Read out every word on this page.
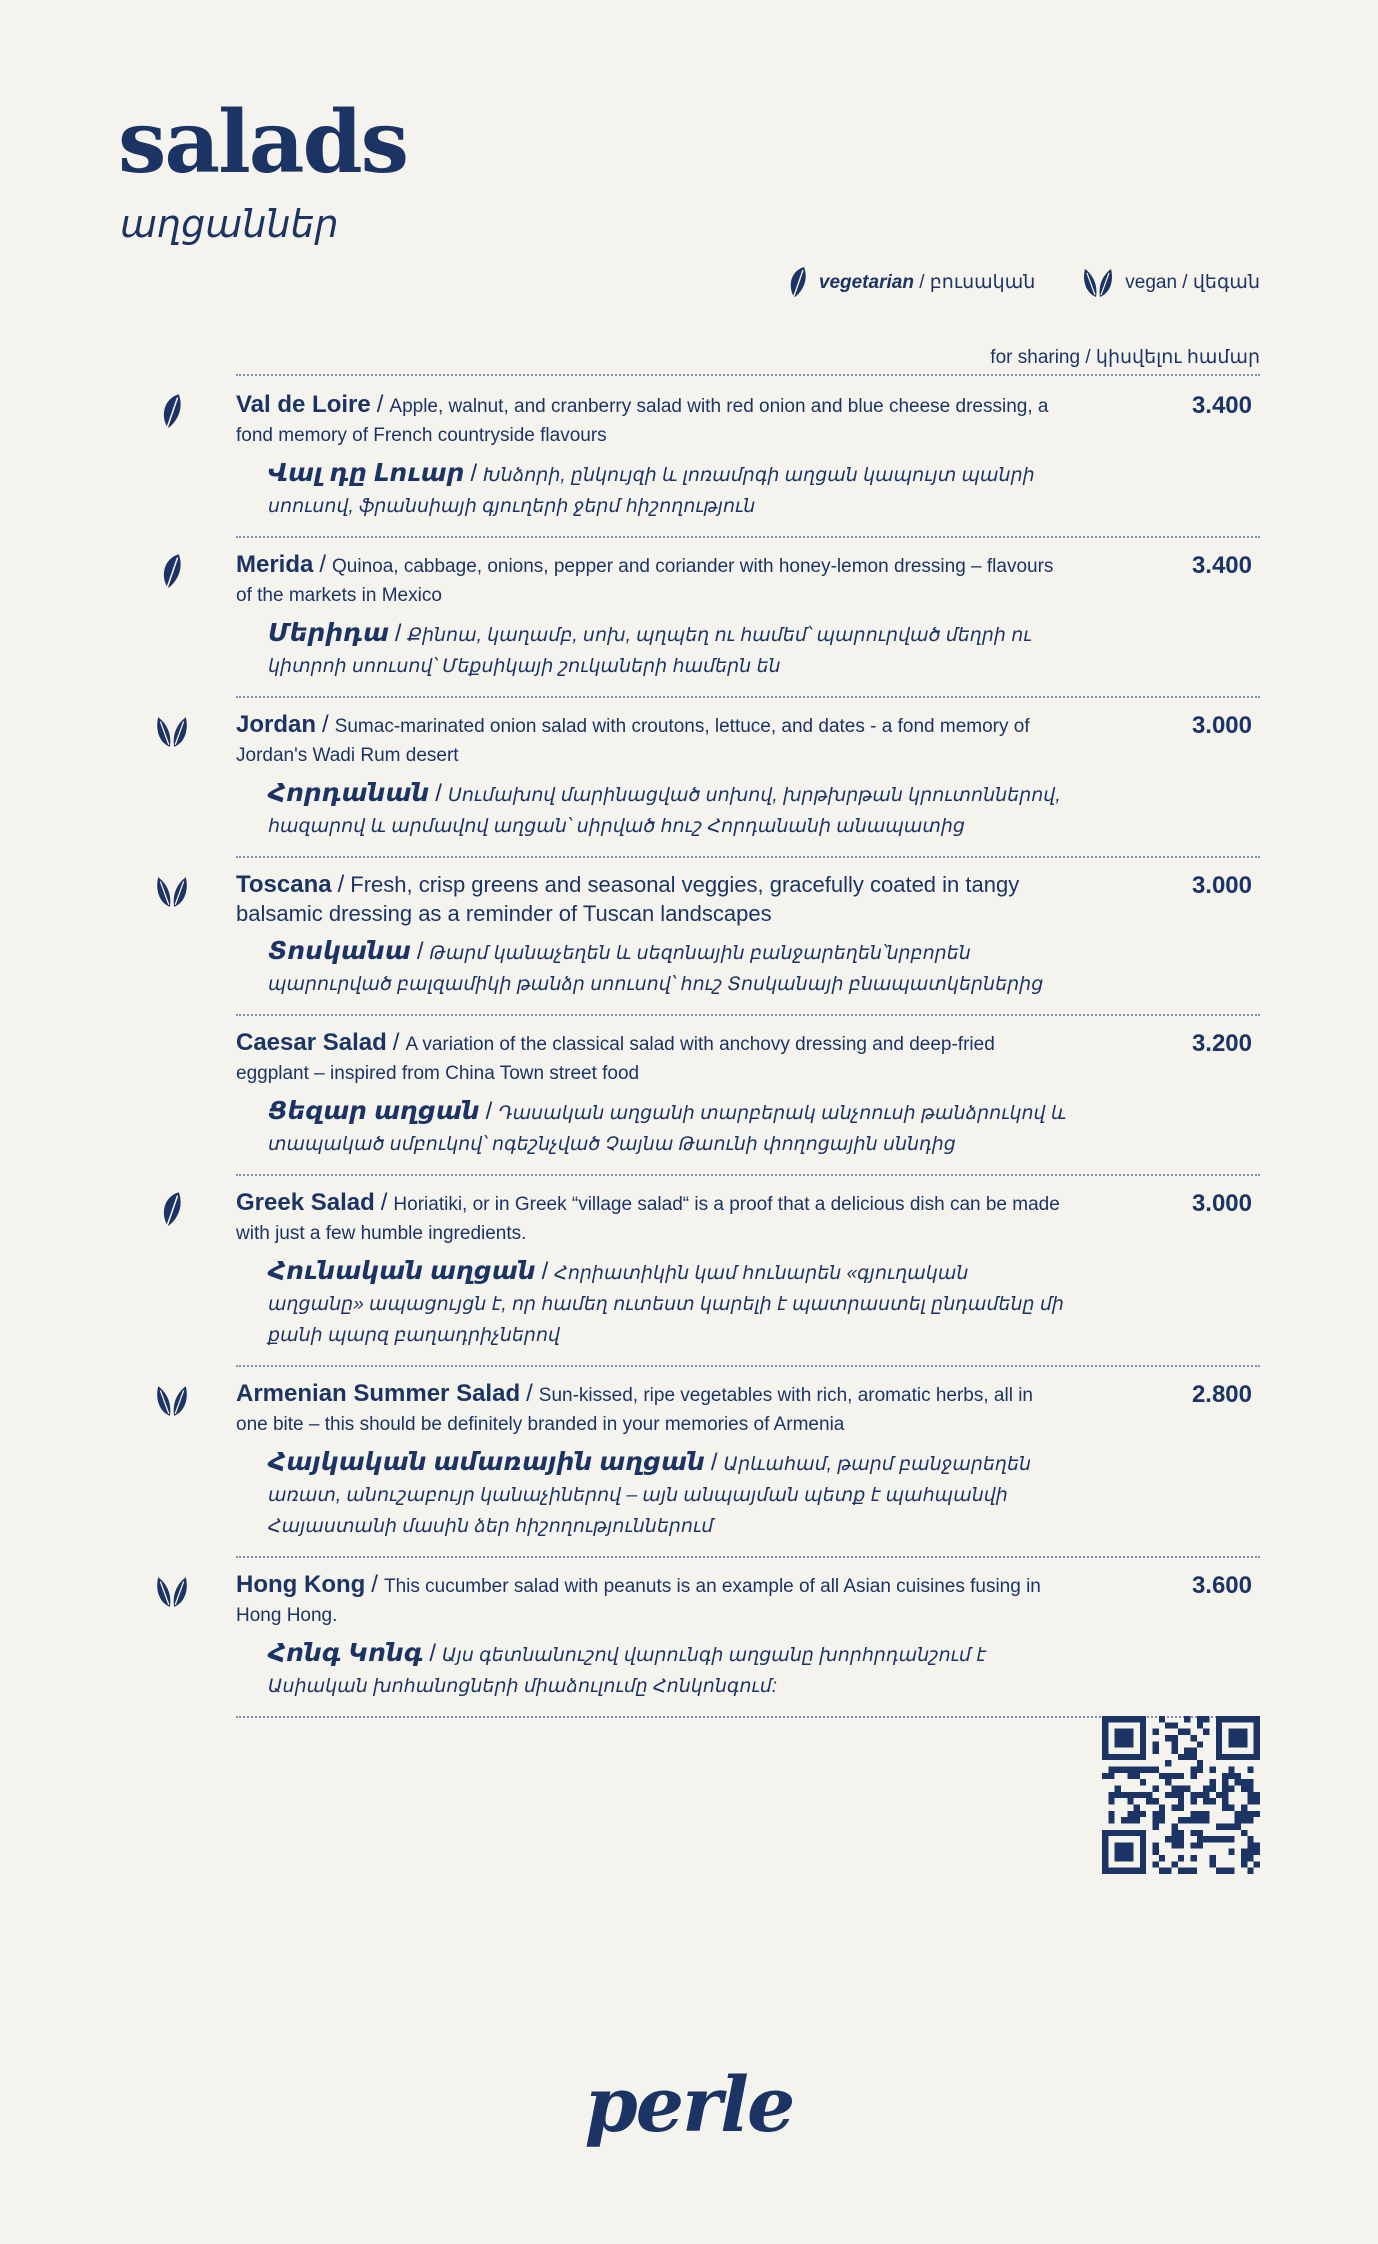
salads
աղցաններ
vegetarian / բուսական	vegan / վեգան
for sharing / կիսվելու համար
3.400
Val de Loire / Apple, walnut, and cranberry salad with red onion and blue cheese dressing, a fond memory of French countryside flavours
Վալ դը Լուար / Խնձորի, ընկույզի և լոռամրգի աղցան կապույտ պանրի սոուսով, ֆրանսիայի գյուղերի ջերմ հիշողություն
3.400
Merida / Quinoa, cabbage, onions, pepper and coriander with honey-lemon dressing – flavours of the markets in Mexico
Մերիդա / Քինոա, կաղամբ, սոխ, պղպեղ ու համեմ՝ պարուրված մեղրի ու կիտրոի սոուսով՝ Մեքսիկայի շուկաների համերն են
3.000
Jordan / Sumac-marinated onion salad with croutons, lettuce, and dates - a fond memory of Jordan's Wadi Rum desert
Հորդանան / Սումախով մարինացված սոխով, խրթխրթան կրուտոններով, հազարով և արմավով աղցան՝ սիրված հուշ Հորդանանի անապատից
3.000
Toscana / Fresh, crisp greens and seasonal veggies, gracefully coated in tangy balsamic dressing as a reminder of Tuscan landscapes
Տոսկանա / Թարմ կանաչեղեն և սեզոնային բանջարեղեն՝նրբորեն պարուրված բալզամիկի թանձր սոուսով՝ հուշ Տոսկանայի բնապատկերներից
3.200
Caesar Salad / A variation of the classical salad with anchovy dressing and deep-fried eggplant – inspired from China Town street food
Ցեզար աղցան / Դասական աղցանի տարբերակ անչոուսի թանձրուկով և տապակած սմբուկով՝ ոգեշնչված Չայնա Թաունի փողոցային սննդից
3.000
Greek Salad / Horiatiki, or in Greek “village salad“ is a proof that a delicious dish can be made with just a few humble ingredients.
Հունական աղցան / Հորիատիկին կամ հունարեն «գյուղական աղցանը» ապացույցն է, որ համեղ ուտեստ կարելի է պատրաստել ընդամենը մի քանի պարզ բաղադրիչներով
2.800
Armenian Summer Salad / Sun-kissed, ripe vegetables with rich, aromatic herbs, all in one bite – this should be definitely branded in your memories of Armenia
Հայկական ամառային աղցան / Արևահամ, թարմ բանջարեղեն առատ, անուշաբույր կանաչիներով – այն անպայման պետք է պահպանվի Հայաստանի մասին ձեր հիշողություններում
3.600
Hong Kong / This cucumber salad with peanuts is an example of all Asian cuisines fusing in Hong Hong.
Հոնգ Կոնգ / Այս գետնանուշով վարունգի աղցանը խորհրդանշում է Ասիական խոհանոցների միաձուլումը Հոնկոնգում:
perle
